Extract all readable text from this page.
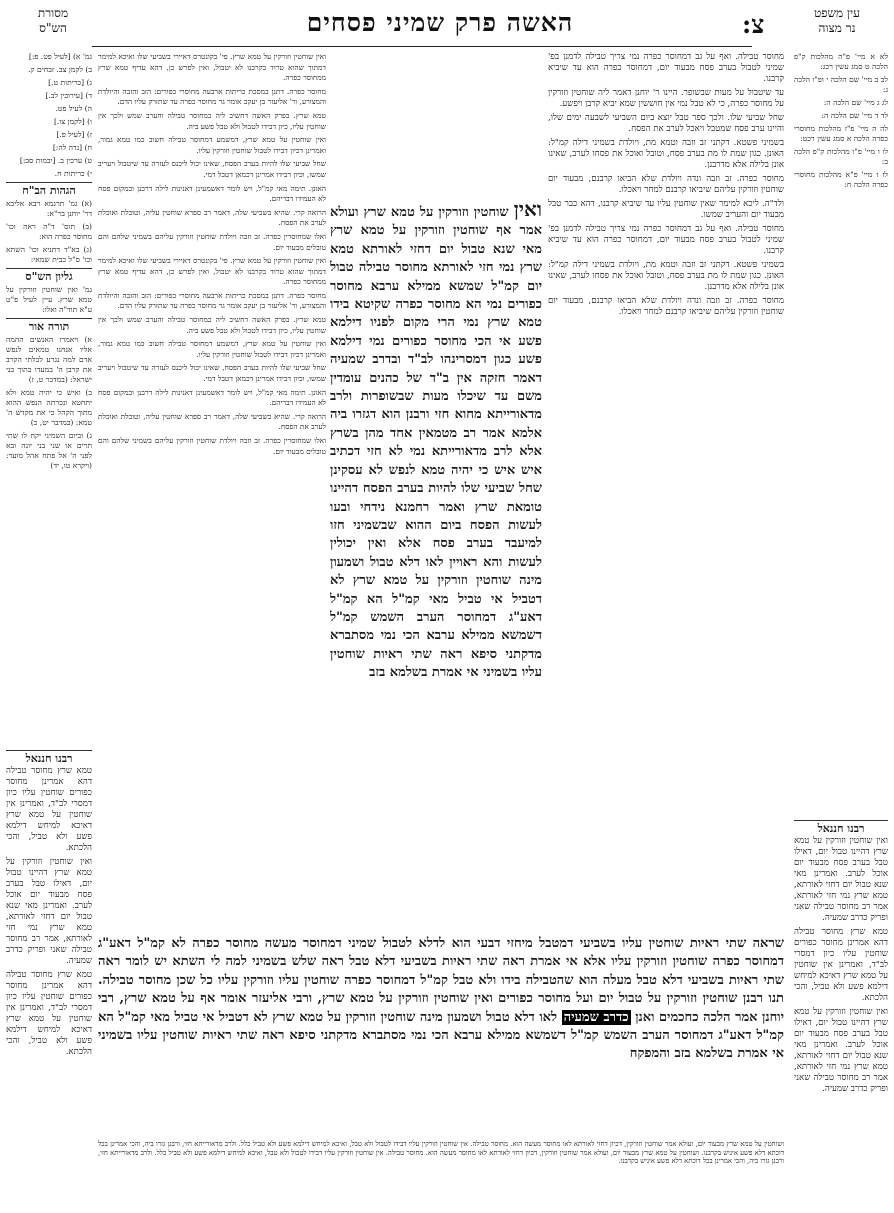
צ:
האשה פרק שמיני פסחים
מסורת
הש"ס
עין משפט
נר מצוה

לא א מיי' פ"ה מהלכות ק"פ הלכה ט סמג עשין רכג:

לב ב מיי' שם הלכה י ופ"ו הלכה ג:

לג ג מיי' שם הלכה ה:

לד ד מיי' שם הלכה ה:

לה ה מיי' פ"ז מהלכות מחוסרי כפרה הלכה א סמג עשין רכט:

לו ו מיי' פ"ו מהלכות ק"פ הלכה ב:

לז ז מיי' פ"א מהלכות מחוסרי כפרה הלכה ח:

גמ' א) [לעיל פט. פ:]

ב) לקמן צב. זבחים ק.

ג) [כריתות ט.]

ד) [עירובין לב.]

ה) לעיל פט.

ו) [לקמן צו.]

ז) [לעיל פ.]

ח) [נדה לה:]

ט) ערכין ב. [יבמות סב:]

י) כריתות ח.

הגהות הב"ח

(א) גמ' תרגמא רבא אליבא דר' יוחנן בר"א:

(ב) תוס' ד"ה ראה וכו' מחוסר כפרה הוא:

(ג) בא"ד דתניא וכו' השתא וכו' ס"ל כבית שמאי:

גליון הש"ס

גמ' ואין שוחטין וזורקין על טמא שרץ. עיין לעיל פ"ט ע"א תוד"ה ואלו:

תורה אור

א) ויאמרו האנשים ההמה אליו אנחנו טמאים לנפש אדם למה נגרע לבלתי הקרב את קרבן ה' במעדו בתוך בני ישראל: (במדבר ט, ז)

ב) ואיש כי יהיה טמא ולא יתחטא ונכרתה הנפש ההוא מתוך הקהל כי את מקדש ה' טמא: (במדבר יט, כ)

ג) וביום השמיני יקח לו שתי תרים או שני בני יונה ובא לפני ה' אל פתח אהל מועד: (ויקרא טו, יד)

מחוסר טבילה. ואף על גב דמחוסר כפרה נמי צריך טבילה לדמנן בפ' שמיני לטבול בערב פסח מבעוד יום, דמחוסר כפרה הוא עד שיביא קרבנו.

עד שיטבול על מעות שבשופר. היינו ר' יוחנן דאמר ליה שוחטין וזורקין על מחוסר כפרה, כי לא טבל נמי אין חוששין שמא יביא קרבן ויפשע.

שחל שביעי שלו. ולכך ספר טבל יוצא ביום השביעי לשבעה ימים שלו, והיינו ערב פסח שמטבל ויאכל לערב את הפסח.

בשמיני פשטא. דקתני זב וזבה וטמא מת, ויולדת בשמיני דילה קמ"ל: האונן. כגון שמת לו מת בערב פסח, וטובל ואוכל את פסחו לערב, שאינו אונן בלילה אלא מדרבנן.

מחוסר כפרה. זב וזבה ונדה ויולדת שלא הביאו קרבנם, מבעוד יום שוחטין וזורקין עליהם שיביאו קרבנם למחר ויאכלו.

ולד"ה. ליכא למימר שאין שוחטין עליו עד שיביא קרבנו, דהא כבר טבל מבעוד יום והעריב שמשו.

מחוסר טבילה. ואף על גב דמחוסר כפרה נמי צריך טבילה לדמנן בפ' שמיני לטבול בערב פסח מבעוד יום, דמחוסר כפרה הוא עד שיביא קרבנו.

בשמיני פשטא. דקתני זב וזבה וטמא מת, ויולדת בשמיני דילה קמ"ל: האונן. כגון שמת לו מת בערב פסח, וטובל ואוכל את פסחו לערב, שאינו אונן בלילה אלא מדרבנן.

מחוסר כפרה. זב וזבה ונדה ויולדת שלא הביאו קרבנם, מבעוד יום שוחטין וזורקין עליהם שיביאו קרבנם למחר ויאכלו.

ואין שוחטין וזורקין על טמא שרץ. פי' בקונטרס דאיירי בשביעי שלו ואיכא למימר דמתוך שהוא טרוד בקרבנו לא יטבול, ואין לפרש כן, דהא עדיף טמא שרץ ממחוסר כפרה.

מחוסר כפרה. דתנן במסכת כריתות ארבעה מחוסרי כפורים: הזב והזבה והיולדת והמצורע, ור' אליעזר בן יעקב אומר גר מחוסר כפרה עד שתזרק עליו הדם.

טמא שרץ. בפרק האשה דחשיב ליה כמחוסר טבילה והערב שמש ולכך אין שוחטין עליו, כיון דבידו לטבול ולא טבל פשע ביה.

ואין שוחטין על טמא שרץ, דמשמע דמחוסר טבילה חשוב כמו טמא גמור, ואמרינן דכיון דבידו לטבול שוחטין וזורקין עליו.

שחל שביעי שלו להיות בערב הפסח, שאינו יכול ליכנס לעזרה עד שיטבול ויעריב שמשו, וכיון דבידו אמרינן דכמאן דטבל דמי.

האונן. תימה מאי קמ"ל, ויש לומר דאשמעינן דאנינות לילה דרבנן ובמקום פסח לא העמידו דבריהם.

הרואה קרי. שהיא בשביעי שלה, דאמר רב ספרא שוחטין עליה, וטובלת ואוכלת לערב את הפסח.

ואלו שמחוסרין כפרה. זב וזבה ויולדת שוחטין וזורקין עליהם בשמיני שלהם והם טובלים מבעוד יום.

ואין שוחטין וזורקין על טמא שרץ. פי' בקונטרס דאיירי בשביעי שלו ואיכא למימר דמתוך שהוא טרוד בקרבנו לא יטבול, ואין לפרש כן, דהא עדיף טמא שרץ ממחוסר כפרה.

מחוסר כפרה. דתנן במסכת כריתות ארבעה מחוסרי כפורים: הזב והזבה והיולדת והמצורע, ור' אליעזר בן יעקב אומר גר מחוסר כפרה עד שתזרק עליו הדם.

טמא שרץ. בפרק האשה דחשיב ליה כמחוסר טבילה והערב שמש ולכך אין שוחטין עליו, כיון דבידו לטבול ולא טבל פשע ביה.

ואין שוחטין על טמא שרץ, דמשמע דמחוסר טבילה חשוב כמו טמא גמור, ואמרינן דכיון דבידו לטבול שוחטין וזורקין עליו.

שחל שביעי שלו להיות בערב הפסח, שאינו יכול ליכנס לעזרה עד שיטבול ויעריב שמשו, וכיון דבידו אמרינן דכמאן דטבל דמי.

האונן. תימה מאי קמ"ל, ויש לומר דאשמעינן דאנינות לילה דרבנן ובמקום פסח לא העמידו דבריהם.

הרואה קרי. שהיא בשביעי שלה, דאמר רב ספרא שוחטין עליה, וטובלת ואוכלת לערב את הפסח.

ואלו שמחוסרין כפרה. זב וזבה ויולדת שוחטין וזורקין עליהם בשמיני שלהם והם טובלים מבעוד יום.

ואין שוחטין וזורקין על טמא שרץ ועולא אמר אף שוחטין וזורקין על טמא שרץ מאי שנא טבול יום דחזי לאורתא טמא שרץ נמי חזי לאורתא מחוסר טבילה טבול יום קמ"ל שמשא ממילא ערבא מחוסר כפורים נמי הא מחוסר כפרה שקיטא בידו טמא שרץ נמי הרי מקום לפניו דילמא פשע אי הכי מחוסר כפורים נמי דילמא פשע כגון דמסרינהו לב"ד ובדרב שמעיה דאמר חזקה אין ב"ד של כהנים עומדין משם עד שיכלו מעות שבשופרות ולרב מדאורייתא מחוא חזי ורבנן הוא דגזרו ביה אלמא אמר רב מטמאין אחד מהן בשרץ אלא לרב מדאורייתא נמי לא חזי דכתיב איש איש כי יהיה טמא לנפש לא עסקינן שחל שביעי שלו להיות בערב הפסח דהיינו טומאת שרץ ואמר רחמנא נידחי ובעו לעשות הפסח ביום ההוא שבשמיני חזו למיעבד בערב פסח אלא ואין יכולין לעשות והא ראויין לאו דלא טבול ושמעון מינה שוחטין וזורקין על טמא שרץ לא דטביל אי טביל מאי קמ"ל הא קמ"ל דאע"ג דמחוסר הערב השמש קמ"ל דשמשא ממילא ערבא הכי נמי מסתברא מדקתני סיפא ראה שתי ראיות שוחטין עליו בשמיני אי אמרת בשלמא בזב
שראה שתי ראיות שוחטין עליו בשביעי דמטבל מיחזי דבעי הוא לדלא לטבול שמיני דמחוסר מעשה מחוסר כפרה לא קמ"ל דאע"ג דמחוסר כפרה שוחטין וזורקין עליו אלא אי אמרת ראה שתי ראיות בשביעי דלא טבל ראה שלש בשמיני למה לי השתא יש לומר ראה שתי ראיות בשביעי דלא טבל מעלה הוא שהטבילה בידו ולא טבל קמ"ל דמחוסר כפרה שוחטין עליו וזורקין עליו כל שכן מחוסר טבילה. תנו רבנן שוחטין וזורקין על טבול יום ועל מחוסר כפורים ואין שוחטין וזורקין על טמא שרץ, ורבי אליעזר אומר אף על טמא שרץ, רבי יוחנן אמר הלכה כחכמים ואנן כדרב שמעיה לאו דלא טבול ושמעון מינה שוחטין וזורקין על טמא שרץ לא דטביל אי טביל מאי קמ"ל הא קמ"ל דאע"ג דמחוסר הערב השמש קמ"ל דשמשא ממילא ערבא הכי נמי מסתברא מדקתני סיפא ראה שתי ראיות שוחטין עליו בשמיני אי אמרת בשלמא בזב והמפקח
ושוחטין על טמא שרץ מבעוד יום, ועולא אמר שוחטין וזורקין, דכיון דחזי לאורתא לאו מחוסר מעשה הוא. מחוסר טבילה. אין שוחטין וזורקין עליו דבידו לטבול ולא טבל, ואיכא למיחש דילמא פשע ולא טביל כלל. ולרב מדאורייתא חזי, ורבנן גזרו ביה, והכי אמרינן בכל דוכתא דלא פשע איניש בקרבנו. ושוחטין על טמא שרץ מבעוד יום, ועולא אמר שוחטין וזורקין, דכיון דחזי לאורתא לאו מחוסר מעשה הוא. מחוסר טבילה. אין שוחטין וזורקין עליו דבידו לטבול ולא טבל, ואיכא למיחש דילמא פשע ולא טביל כלל. ולרב מדאורייתא חזי, ורבנן גזרו ביה, והכי אמרינן בכל דוכתא דלא פשע איניש בקרבנו.
רבנו חננאל

ואין שוחטין וזורקין על טמא שרץ דהיינו טבול יום, דאילו טבל בערב פסח מבעוד יום אוכל לערב. ואמרינן מאי שנא טבול יום דחזי לאורתא, טמא שרץ נמי חזי לאורתא, אמר רב מחוסר טבילה שאני ופריק כדרב שמעיה.

טמא שרץ מחוסר טבילה דהא אמרינן מחוסר כפורים שוחטין עליו כיון דמסרי לב"ד, ואמרינן אין שוחטין על טמא שרץ דאיכא למיחש דילמא פשע ולא טביל, והכי הלכתא.

ואין שוחטין וזורקין על טמא שרץ דהיינו טבול יום, דאילו טבל בערב פסח מבעוד יום אוכל לערב. ואמרינן מאי שנא טבול יום דחזי לאורתא, טמא שרץ נמי חזי לאורתא, אמר רב מחוסר טבילה שאני ופריק כדרב שמעיה.

רבנו חננאל

טמא שרץ מחוסר טבילה דהא אמרינן מחוסר כפורים שוחטין עליו כיון דמסרי לב"ד, ואמרינן אין שוחטין על טמא שרץ דאיכא למיחש דילמא פשע ולא טביל, והכי הלכתא.

ואין שוחטין וזורקין על טמא שרץ דהיינו טבול יום, דאילו טבל בערב פסח מבעוד יום אוכל לערב. ואמרינן מאי שנא טבול יום דחזי לאורתא, טמא שרץ נמי חזי לאורתא, אמר רב מחוסר טבילה שאני ופריק כדרב שמעיה.

טמא שרץ מחוסר טבילה דהא אמרינן מחוסר כפורים שוחטין עליו כיון דמסרי לב"ד, ואמרינן אין שוחטין על טמא שרץ דאיכא למיחש דילמא פשע ולא טביל, והכי הלכתא.
